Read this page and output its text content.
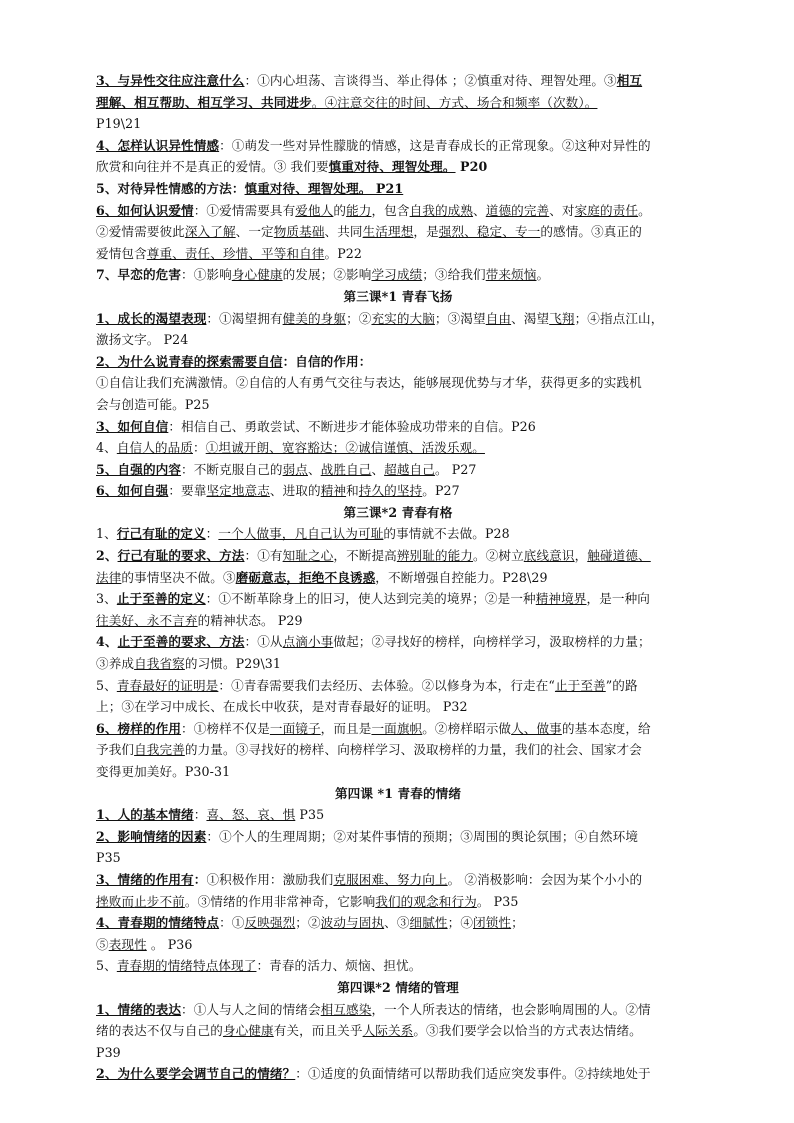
3、与异性交往应注意什么：①内心坦荡、言谈得当、举止得体 ；②慎重对待、理智处理。③相互
理解、相互帮助、相互学习、共同进步。④注意交往的时间、方式、场合和频率（次数）。
P19\21
4、怎样认识异性情感：①萌发一些对异性朦胧的情感，这是青春成长的正常现象。②这种对异性的
欣赏和向往并不是真正的爱情。③ 我们要慎重对待、理智处理。 P20
5、对待异性情感的方法：慎重对待、理智处理。 P21
6、如何认识爱情：①爱情需要具有爱他人的能力，包含自我的成熟、道德的完善、对家庭的责任。
②爱情需要彼此深入了解、一定物质基础、共同生活理想，是强烈、稳定、专一的感情。③真正的
爱情包含尊重、责任、珍惜、平等和自律。P22
7、早恋的危害：①影响身心健康的发展；②影响学习成绩；③给我们带来烦恼。
第三课*1 青春飞扬
1、成长的渴望表现：①渴望拥有健美的身躯；②充实的大脑；③渴望自由、渴望飞翔；④指点江山，
激扬文字。 P24
2、为什么说青春的探索需要自信：自信的作用：
①自信让我们充满激情。②自信的人有勇气交往与表达，能够展现优势与才华，获得更多的实践机
会与创造可能。P25
3、如何自信：相信自己、勇敢尝试、不断进步才能体验成功带来的自信。P26
4、自信人的品质：①坦诚开朗、宽容豁达；②诚信谨慎、活泼乐观。
5、自强的内容：不断克服自己的弱点、战胜自己、超越自己。 P27
6、如何自强：要靠坚定地意志、进取的精神和持久的坚持。P27
第三课*2 青春有格
1、行己有耻的定义：一个人做事，凡自己认为可耻的事情就不去做。P28
2、行己有耻的要求、方法：①有知耻之心，不断提高辨别耻的能力。②树立底线意识，触碰道德、
法律的事情坚决不做。③磨砺意志，拒绝不良诱惑，不断增强自控能力。P28\29
3、止于至善的定义：①不断革除身上的旧习，使人达到完美的境界；②是一种精神境界，是一种向
往美好、永不言弃的精神状态。 P29
4、止于至善的要求、方法：①从点滴小事做起；②寻找好的榜样，向榜样学习，汲取榜样的力量；
③养成自我省察的习惯。P29\31
5、青春最好的证明是：①青春需要我们去经历、去体验。②以修身为本，行走在“止于至善”的路
上；③在学习中成长、在成长中收获，是对青春最好的证明。 P32
6、榜样的作用：①榜样不仅是一面镜子，而且是一面旗帜。②榜样昭示做人、做事的基本态度，给
予我们自我完善的力量。③寻找好的榜样、向榜样学习、汲取榜样的力量，我们的社会、国家才会
变得更加美好。P30-31
第四课 *1 青春的情绪
1、人的基本情绪：喜、怒、哀、惧 P35
2、影响情绪的因素：①个人的生理周期；②对某件事情的预期；③周围的舆论氛围；④自然环境
P35
3、情绪的作用有：①积极作用：激励我们克服困难、努力向上。 ②消极影响：会因为某个小小的
挫败而止步不前。③情绪的作用非常神奇，它影响我们的观念和行为。 P35
4、青春期的情绪特点：①反映强烈；②波动与固执、③细腻性；④闭锁性；
⑤表现性 。 P36
5、青春期的情绪特点体现了：青春的活力、烦恼、担忧。
第四课*2 情绪的管理
1、情绪的表达：①人与人之间的情绪会相互感染，一个人所表达的情绪，也会影响周围的人。②情
绪的表达不仅与自己的身心健康有关，而且关乎人际关系。③我们要学会以恰当的方式表达情绪。
P39
2、为什么要学会调节自己的情绪？：①适度的负面情绪可以帮助我们适应突发事件。②持续地处于
